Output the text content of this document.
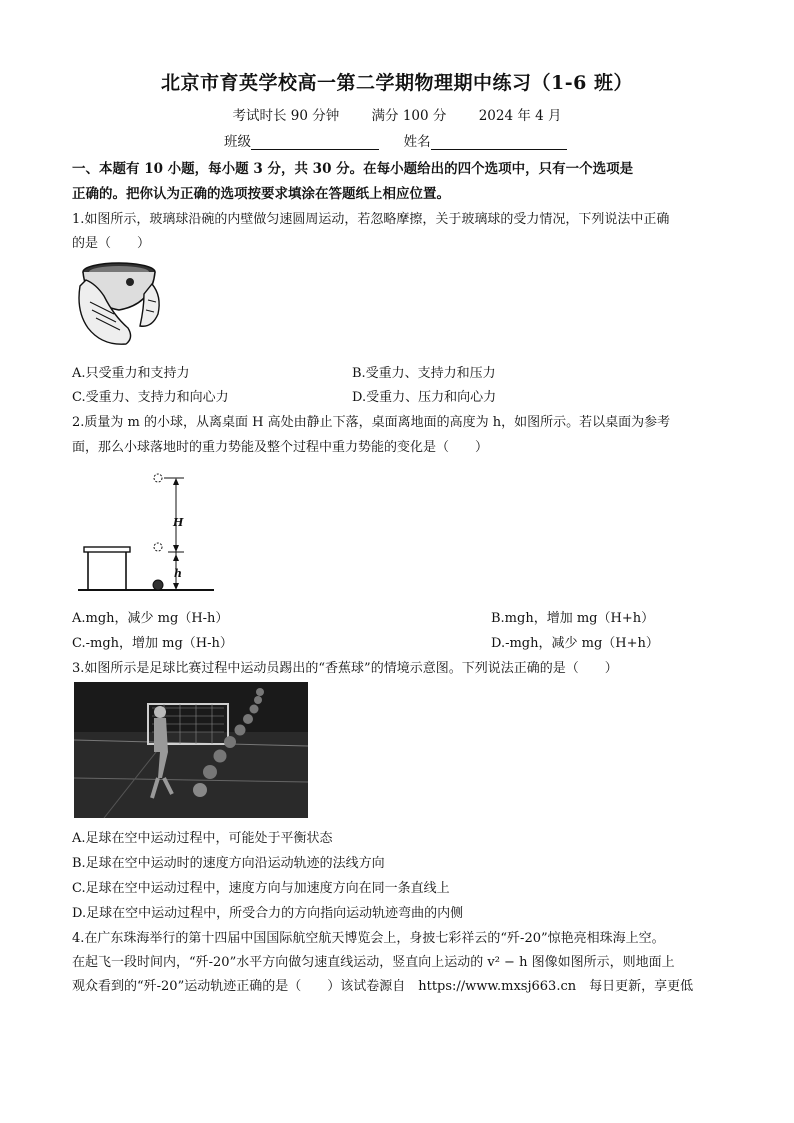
北京市育英学校高一第二学期物理期中练习（1-6 班）
考试时长 90 分钟 满分 100 分 2024 年 4 月
班级	姓名
一、本题有 10 小题，每小题 3 分，共 30 分。在每小题给出的四个选项中，只有一个选项是
正确的。把你认为正确的选项按要求填涂在答题纸上相应位置。
1.如图所示，玻璃球沿碗的内壁做匀速圆周运动，若忽略摩擦，关于玻璃球的受力情况，下列说法中正确
的是（　　）
A.只受重力和支持力	B.受重力、支持力和压力
C.受重力、支持力和向心力	D.受重力、压力和向心力
2.质量为 m 的小球，从离桌面 H 高处由静止下落，桌面离地面的高度为 h，如图所示。若以桌面为参考
面，那么小球落地时的重力势能及整个过程中重力势能的变化是（　　）
H
h
A.mgh，减少 mg（H-h）	B.mgh，增加 mg（H+h）
C.-mgh，增加 mg（H-h）	D.-mgh，减少 mg（H+h）
3.如图所示是足球比赛过程中运动员踢出的“香蕉球”的情境示意图。下列说法正确的是（　　）
A.足球在空中运动过程中，可能处于平衡状态
B.足球在空中运动时的速度方向沿运动轨迹的法线方向
C.足球在空中运动过程中，速度方向与加速度方向在同一条直线上
D.足球在空中运动过程中，所受合力的方向指向运动轨迹弯曲的内侧
4.在广东珠海举行的第十四届中国国际航空航天博览会上，身披七彩祥云的“歼-20”惊艳亮相珠海上空。
在起飞一段时间内，“歼-20”水平方向做匀速直线运动，竖直向上运动的 v² − h 图像如图所示，则地面上
观众看到的“歼-20”运动轨迹正确的是（　　）该试卷源自　https://www.mxsj663.cn　每日更新，享更低
